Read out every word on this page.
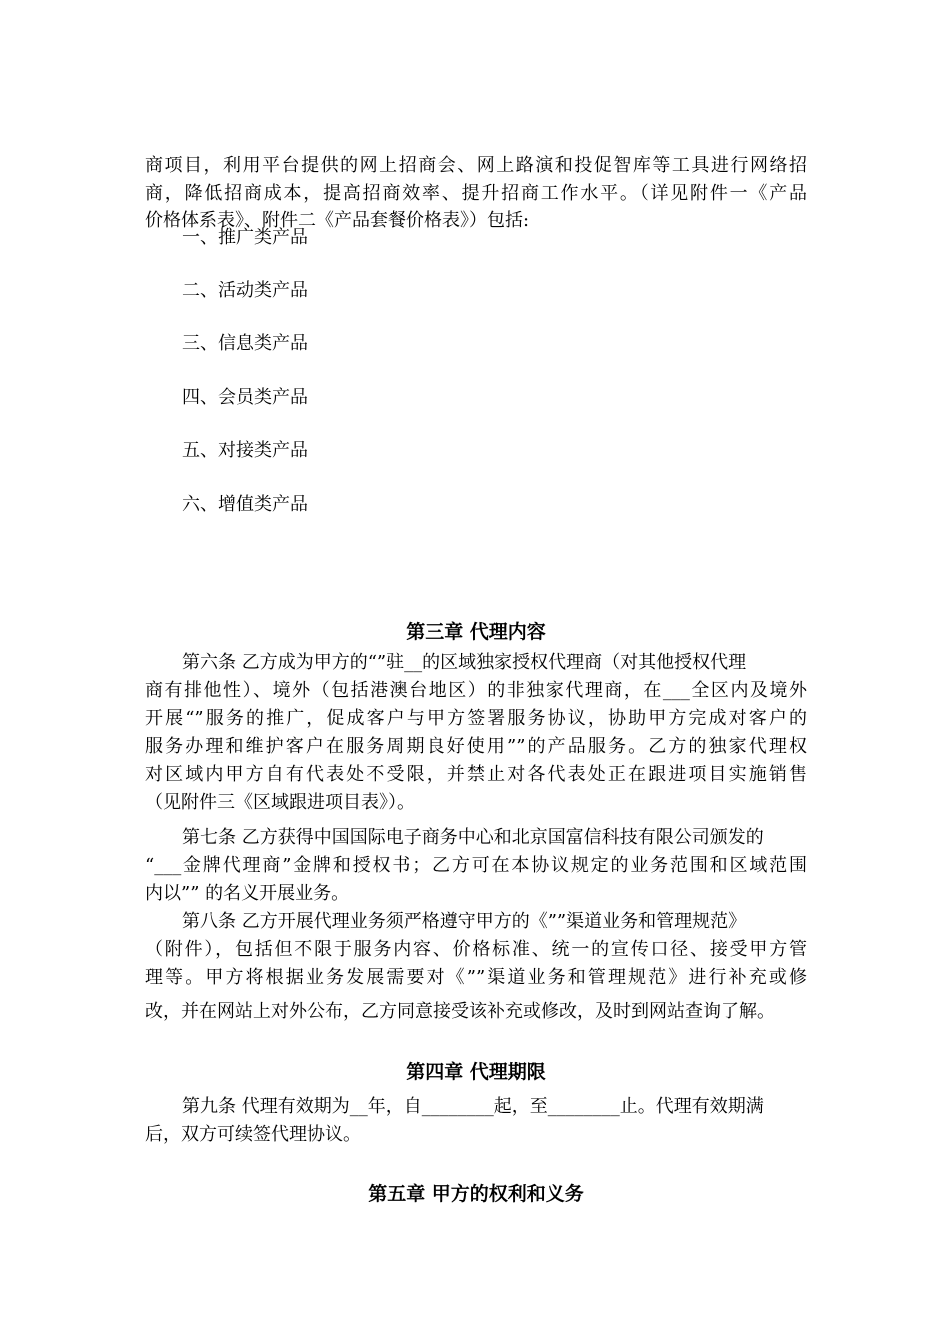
商项目，利用平台提供的网上招商会、网上路演和投促智库等工具进行网络招
商，降低招商成本，提高招商效率、提升招商工作水平。（详见附件一《产品
价格体系表》、附件二《产品套餐价格表》）包括:
一、推广类产品
二、活动类产品
三、信息类产品
四、会员类产品
五、对接类产品
六、增值类产品
第三章 代理内容
第六条 乙方成为甲方的“”驻__的区域独家授权代理商（对其他授权代理
商有排他性）、境外（包括港澳台地区）的非独家代理商，在___全区内及境外
开展“”服务的推广，促成客户与甲方签署服务协议，协助甲方完成对客户的
服务办理和维护客户在服务周期良好使用””的产品服务。乙方的独家代理权
对区域内甲方自有代表处不受限，并禁止对各代表处正在跟进项目实施销售
（见附件三《区域跟进项目表》）。
第七条 乙方获得中国国际电子商务中心和北京国富信科技有限公司颁发的
“___金牌代理商”金牌和授权书；乙方可在本协议规定的业务范围和区域范围
内以”” 的名义开展业务。
第八条 乙方开展代理业务须严格遵守甲方的《””渠道业务和管理规范》
（附件），包括但不限于服务内容、价格标准、统一的宣传口径、接受甲方管
理等。甲方将根据业务发展需要对《””渠道业务和管理规范》进行补充或修
改，并在网站上对外公布，乙方同意接受该补充或修改，及时到网站查询了解。
第四章 代理期限
第九条 代理有效期为__年，自________起，至________止。代理有效期满
后，双方可续签代理协议。
第五章 甲方的权利和义务
